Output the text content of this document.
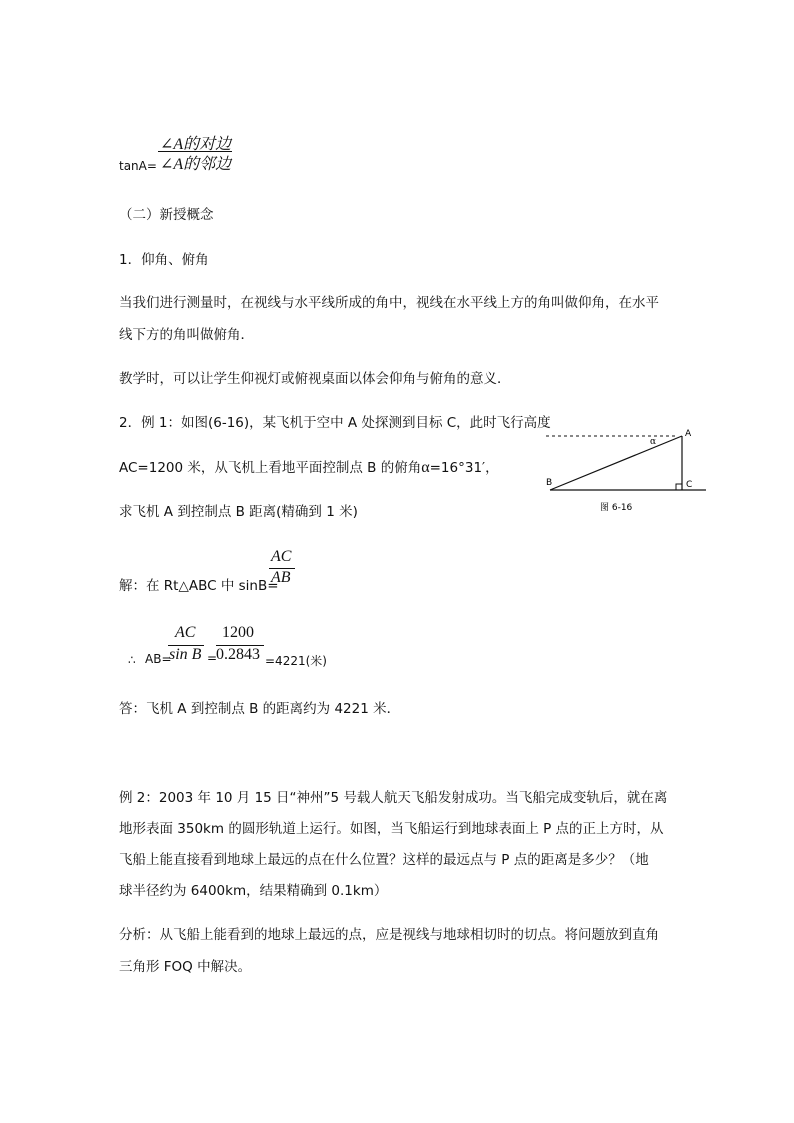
∠A的对边
∠A的邻边
tanA=
（二）新授概念
1．仰角、俯角
当我们进行测量时，在视线与水平线所成的角中，视线在水平线上方的角叫做仰角，在水平
线下方的角叫做俯角．
教学时，可以让学生仰视灯或俯视桌面以体会仰角与俯角的意义．
2．例 1：如图(6-16)，某飞机于空中 A 处探测到目标 C，此时飞行高度
AC=1200 米，从飞机上看地平面控制点 B 的俯角α=16°31′，
求飞机 A 到控制点 B 距离(精确到 1 米)
解：在 Rt△ABC 中 sinB=
AC
AB
∴ AB=
AC
sin B =
1200
0.2843 =4221(米)
答：飞机 A 到控制点 B 的距离约为 4221 米．
A
B	C
α
图 6-16
例 2：2003 年 10 月 15 日“神州”5 号载人航天飞船发射成功。当飞船完成变轨后，就在离
地形表面 350km 的圆形轨道上运行。如图，当飞船运行到地球表面上 P 点的正上方时，从
飞船上能直接看到地球上最远的点在什么位置？这样的最远点与 P 点的距离是多少？（地
球半径约为 6400km，结果精确到 0.1km）
分析：从飞船上能看到的地球上最远的点，应是视线与地球相切时的切点。将问题放到直角
三角形 FOQ 中解决。
